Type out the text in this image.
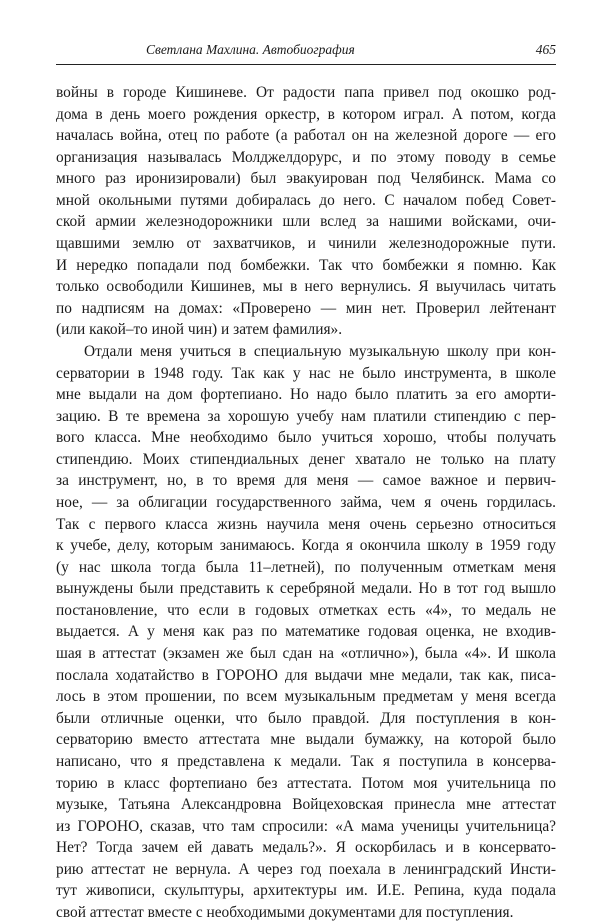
Светлана Махлина. Автобиография	465
войны в городе Кишиневе. От радости папа привел под окошко род-
дома в день моего рождения оркестр, в котором играл. А потом, когда
началась война, отец по работе (а работал он на железной дороге — его
организация называлась Молджелдорурс, и по этому поводу в семье
много раз иронизировали) был эвакуирован под Челябинск. Мама со
мной окольными путями добиралась до него. С началом побед Совет-
ской армии железнодорожники шли вслед за нашими войсками, очи-
щавшими землю от захватчиков, и чинили железнодорожные пути.
И нередко попадали под бомбежки. Так что бомбежки я помню. Как
только освободили Кишинев, мы в него вернулись. Я выучилась читать
по надписям на домах: «Проверено — мин нет. Проверил лейтенант
(или какой–то иной чин) и затем фамилия».
Отдали меня учиться в специальную музыкальную школу при кон-
серватории в 1948 году. Так как у нас не было инструмента, в школе
мне выдали на дом фортепиано. Но надо было платить за его аморти-
зацию. В те времена за хорошую учебу нам платили стипендию с пер-
вого класса. Мне необходимо было учиться хорошо, чтобы получать
стипендию. Моих стипендиальных денег хватало не только на плату
за инструмент, но, в то время для меня — самое важное и первич-
ное, — за облигации государственного займа, чем я очень гордилась.
Так с первого класса жизнь научила меня очень серьезно относиться
к учебе, делу, которым занимаюсь. Когда я окончила школу в 1959 году
(у нас школа тогда была 11–летней), по полученным отметкам меня
вынуждены были представить к серебряной медали. Но в тот год вышло
постановление, что если в годовых отметках есть «4», то медаль не
выдается. А у меня как раз по математике годовая оценка, не входив-
шая в аттестат (экзамен же был сдан на «отлично»), была «4». И школа
послала ходатайство в ГОРОНО для выдачи мне медали, так как, писа-
лось в этом прошении, по всем музыкальным предметам у меня всегда
были отличные оценки, что было правдой. Для поступления в кон-
серваторию вместо аттестата мне выдали бумажку, на которой было
написано, что я представлена к медали. Так я поступила в консерва-
торию в класс фортепиано без аттестата. Потом моя учительница по
музыке, Татьяна Александровна Войцеховская принесла мне аттестат
из ГОРОНО, сказав, что там спросили: «А мама ученицы учительница?
Нет? Тогда зачем ей давать медаль?». Я оскорбилась и в консервато-
рию аттестат не вернула. А через год поехала в ленинградский Инсти-
тут живописи, скульптуры, архитектуры им. И.Е. Репина, куда подала
свой аттестат вместе с необходимыми документами для поступления.
